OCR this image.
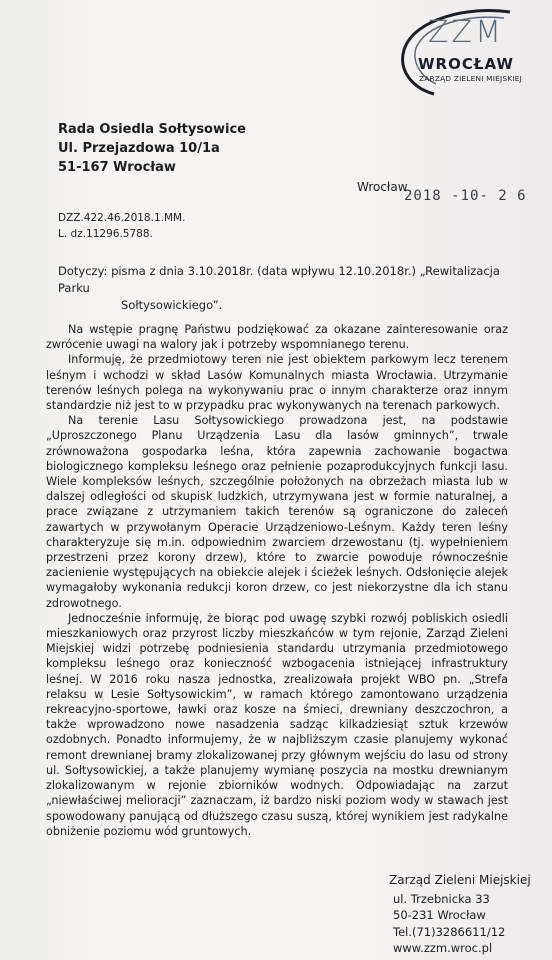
ZZM
WROCŁAW
ZARZĄD ZIELENI MIEJSKIEJ
Rada Osiedla Sołtysowice
Ul. Przejazdowa 10/1a
51-167 Wrocław
Wrocław
2018 -10- 2 6
DZZ.422.46.2018.1.MM.
L. dz.11296.5788.
Dotyczy: pisma z dnia 3.10.2018r. (data wpływu 12.10.2018r.) „Rewitalizacja Parku
Sołtysowickiego”.

Na wstępie pragnę Państwu podziękować za okazane zainteresowanie oraz zwrócenie uwagi na walory jak i potrzeby wspomnianego terenu.

Informuję, że przedmiotowy teren nie jest obiektem parkowym lecz terenem leśnym i wchodzi w skład Lasów Komunalnych miasta Wrocławia. Utrzymanie terenów leśnych polega na wykonywaniu prac o innym charakterze oraz innym standardzie niż jest to w przypadku prac wykonywanych na terenach parkowych.

Na terenie Lasu Sołtysowickiego prowadzona jest, na podstawie „Uproszczonego Planu Urządzenia Lasu dla lasów gminnych”, trwale zrównoważona gospodarka leśna, która zapewnia zachowanie bogactwa biologicznego kompleksu leśnego oraz pełnienie pozaprodukcyjnych funkcji lasu. Wiele kompleksów leśnych, szczególnie położonych na obrzeżach miasta lub w dalszej odległości od skupisk ludzkich, utrzymywana jest w formie naturalnej, a prace związane z utrzymaniem takich terenów są ograniczone do zaleceń zawartych w przywołanym Operacie Urządzeniowo-Leśnym. Każdy teren leśny charakteryzuje się m.in. odpowiednim zwarciem drzewostanu (tj. wypełnieniem przestrzeni przez korony drzew), które to zwarcie powoduje równocześnie zacienienie występujących na obiekcie alejek i ścieżek leśnych. Odsłonięcie alejek wymagałoby wykonania redukcji koron drzew, co jest niekorzystne dla ich stanu zdrowotnego.

Jednocześnie informuję, że biorąc pod uwagę szybki rozwój pobliskich osiedli mieszkaniowych oraz przyrost liczby mieszkańców w tym rejonie, Zarząd Zieleni Miejskiej widzi potrzebę podniesienia standardu utrzymania przedmiotowego kompleksu leśnego oraz konieczność wzbogacenia istniejącej infrastruktury leśnej. W 2016 roku nasza jednostka, zrealizowała projekt WBO pn. „Strefa relaksu w Lesie Sołtysowickim”, w ramach którego zamontowano urządzenia rekreacyjno-sportowe, ławki oraz kosze na śmieci, drewniany deszczochron, a także wprowadzono nowe nasadzenia sadząc kilkadziesiąt sztuk krzewów ozdobnych. Ponadto informujemy, że w najbliższym czasie planujemy wykonać remont drewnianej bramy zlokalizowanej przy głównym wejściu do lasu od strony ul. Sołtysowickiej, a także planujemy wymianę poszycia na mostku drewnianym zlokalizowanym w rejonie zbiorników wodnych. Odpowiadając na zarzut „niewłaściwej melioracji” zaznaczam, iż bardzo niski poziom wody w stawach jest spowodowany panującą od dłuższego czasu suszą, której wynikiem jest radykalne obniżenie poziomu wód gruntowych.

Zarząd Zieleni Miejskiej
ul. Trzebnicka 33
50-231 Wrocław
Tel.(71)3286611/12
www.zzm.wroc.pl
